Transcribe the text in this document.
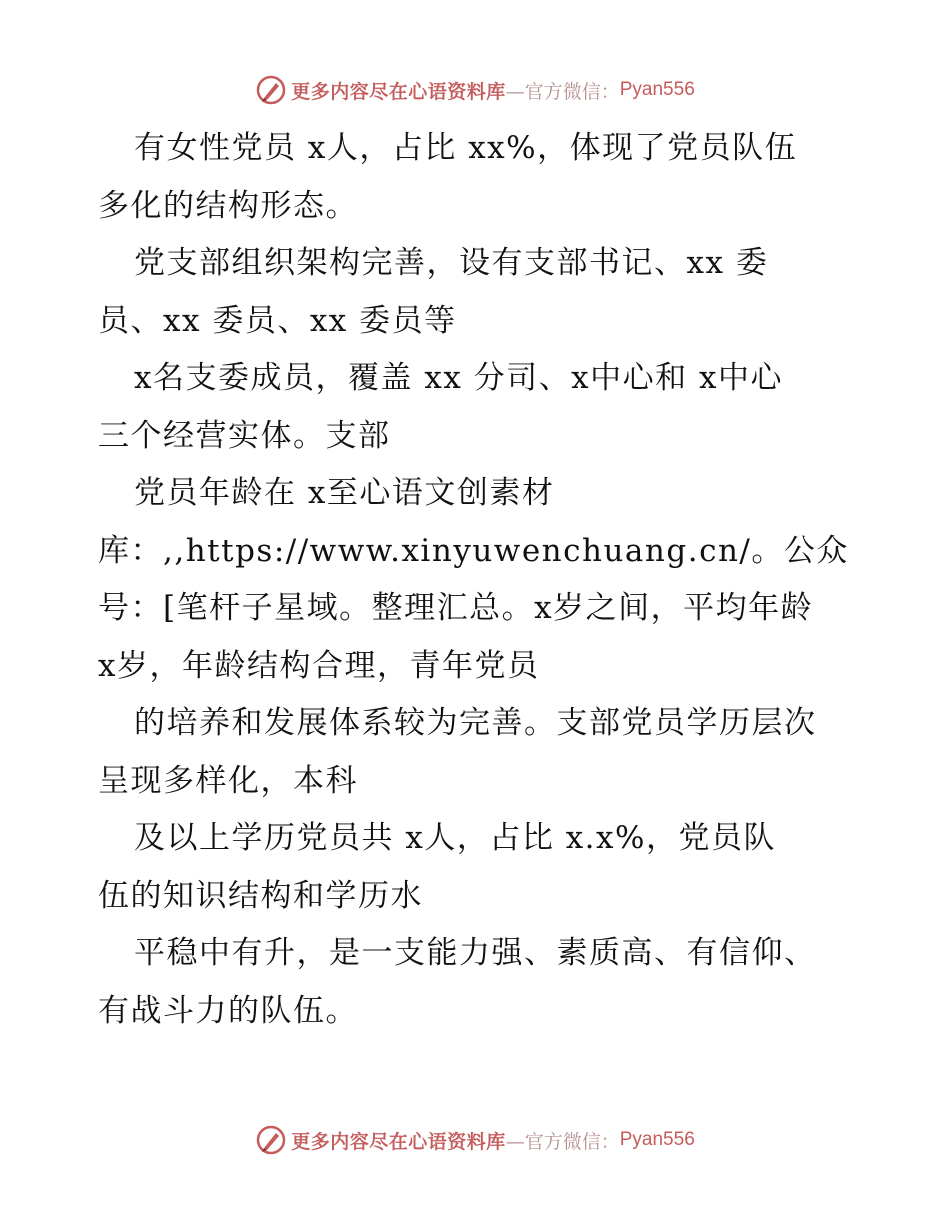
更多内容尽在心语资料库 —官方微信： Pyan556
有女性党员 x人，占比 xx%，体现了党员队伍
多化的结构形态。
党支部组织架构完善，设有支部书记、xx 委
员、xx 委员、xx 委员等
x名支委成员，覆盖 xx 分司、x中心和 x中心
三个经营实体。支部
党员年龄在 x至心语文创素材
库：,,https://www.xinyuwenchuang.cn/。公众
号：[笔杆子星域。整理汇总。x岁之间，平均年龄
x岁，年龄结构合理，青年党员
的培养和发展体系较为完善。支部党员学历层次
呈现多样化，本科
及以上学历党员共 x人，占比 x.x%，党员队
伍的知识结构和学历水
平稳中有升，是一支能力强、素质高、有信仰、
有战斗力的队伍。
更多内容尽在心语资料库 —官方微信： Pyan556
